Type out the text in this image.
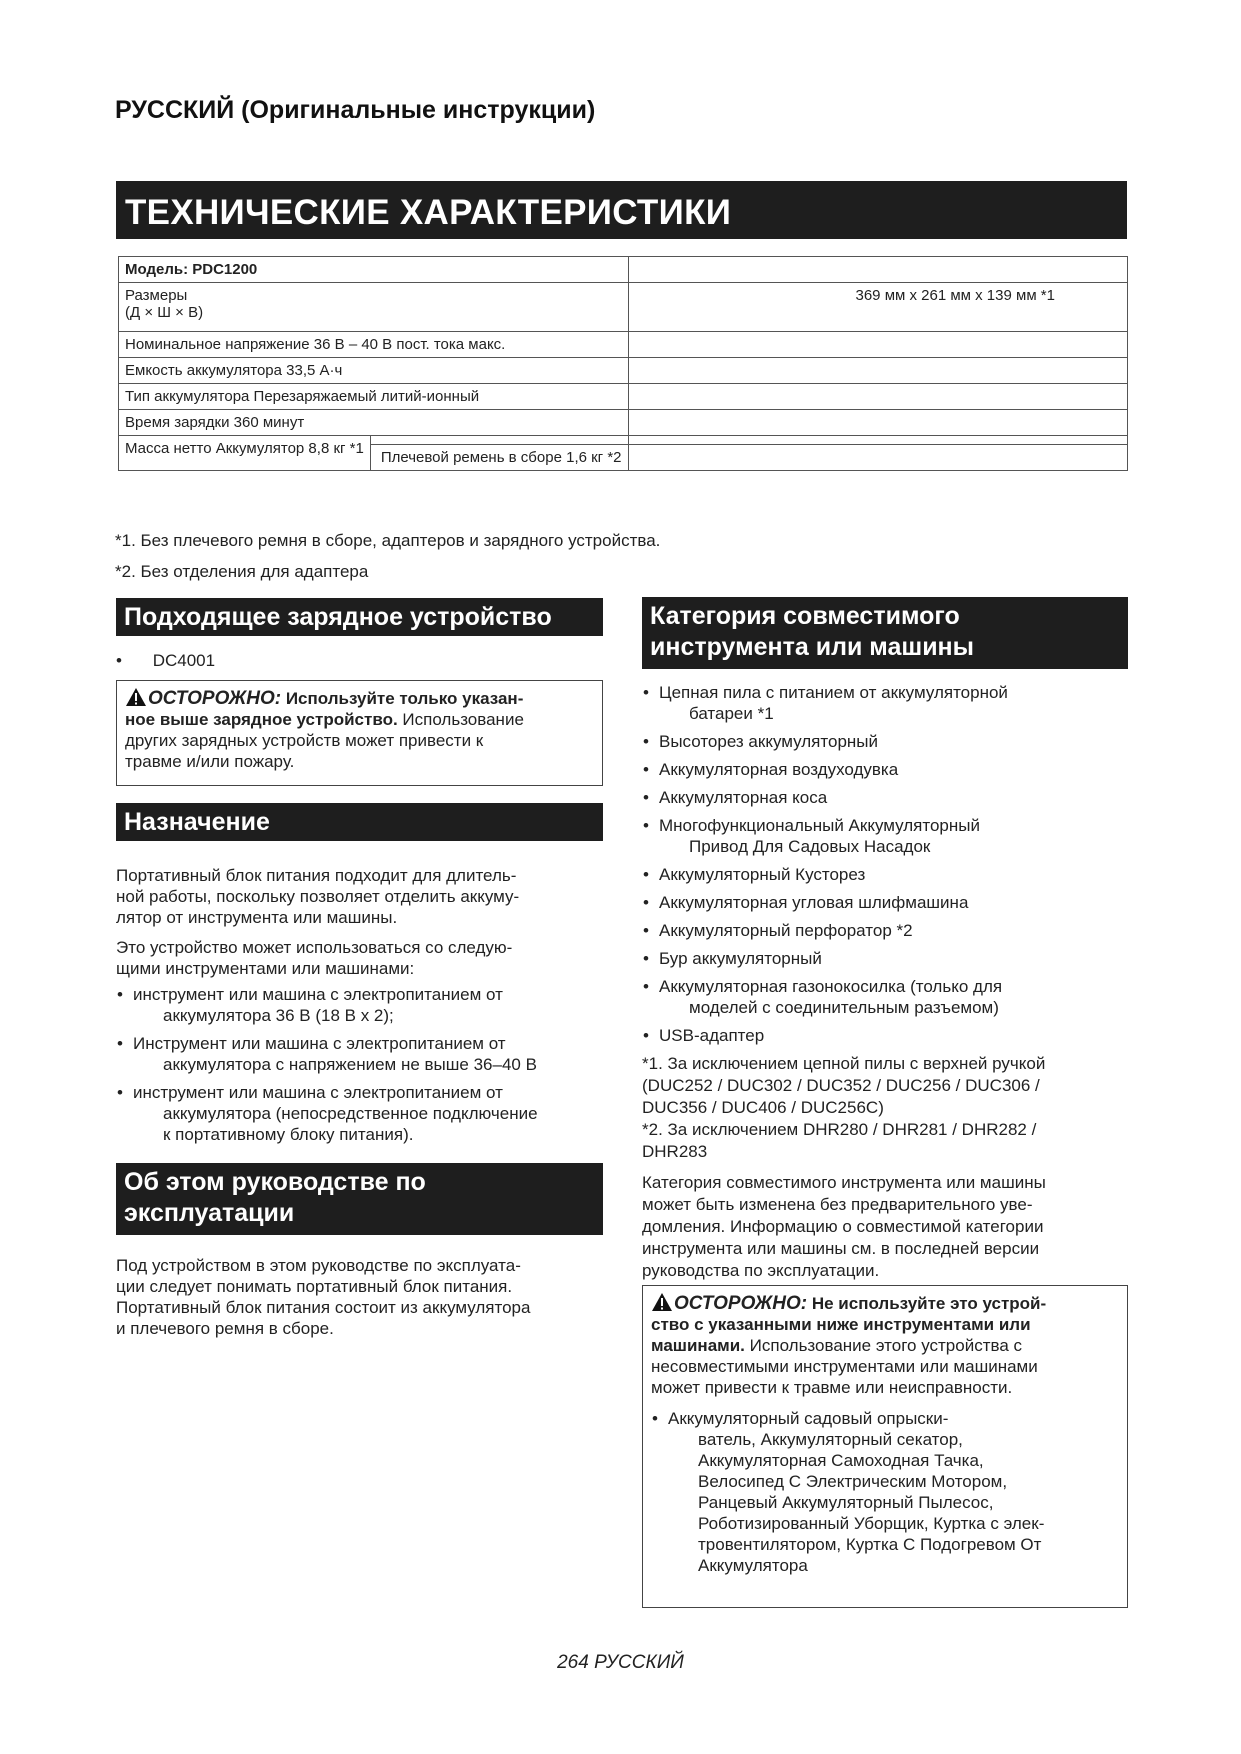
РУССКИЙ (Оригинальные инструкции)
ТЕХНИЧЕСКИЕ ХАРАКТЕРИСТИКИ
Модель: PDC1200		

Размеры
(Д × Ш × В)		369 мм x 261 мм x 139 мм *1

Номинальное напряжение 36 В – 40 В пост. тока макс.		

Емкость аккумулятора 33,5 А·ч		

Тип аккумулятора Перезаряжаемый литий-ионный		

Время зарядки 360 минут		

Масса нетто Аккумулятор 8,8 кг *1		

	Плечевой ремень в сборе 1,6 кг *2	

*1. Без плечевого ремня в сборе, адаптеров и зарядного устройства.
*2. Без отделения для адаптера
Подходящее зарядное устройство
• DC4001
ОСТОРОЖНО: Используйте только указан-
ное выше зарядное устройство. Использование
других зарядных устройств может привести к
травме и/или пожару.
Назначение
Портативный блок питания подходит для длитель-
ной работы, поскольку позволяет отделить аккуму-
лятор от инструмента или машины.
Это устройство может использоваться со следую-
щими инструментами или машинами:
• инструмент или машина с электропитанием от
аккумулятора 36 В (18 В x 2);
• Инструмент или машина с электропитанием от
аккумулятора с напряжением не выше 36–40 В
• инструмент или машина с электропитанием от
аккумулятора (непосредственное подключение
к портативному блоку питания).
Об этом руководстве по
эксплуатации
Под устройством в этом руководстве по эксплуата-
ции следует понимать портативный блок питания.
Портативный блок питания состоит из аккумулятора
и плечевого ремня в сборе.
Категория совместимого
инструмента или машины
• Цепная пила с питанием от аккумуляторной
батареи *1
• Высоторез аккумуляторный
• Аккумуляторная воздуходувка
• Аккумуляторная коса
• Многофункциональный Аккумуляторный
Привод Для Садовых Насадок
• Аккумуляторный Кусторез
• Аккумуляторная угловая шлифмашина
• Аккумуляторный перфоратор *2
• Бур аккумуляторный
• Аккумуляторная газонокосилка (только для
моделей с соединительным разъемом)
• USB-адаптер
*1. За исключением цепной пилы с верхней ручкой
(DUC252 / DUC302 / DUC352 / DUC256 / DUC306 /
DUC356 / DUC406 / DUC256C)
*2. За исключением DHR280 / DHR281 / DHR282 /
DHR283
Категория совместимого инструмента или машины
может быть изменена без предварительного уве-
домления. Информацию о совместимой категории
инструмента или машины см. в последней версии
руководства по эксплуатации.
ОСТОРОЖНО: Не используйте это устрой-
ство с указанными ниже инструментами или
машинами. Использование этого устройства с
несовместимыми инструментами или машинами
может привести к травме или неисправности.
• Аккумуляторный садовый опрыски-
ватель, Аккумуляторный секатор,
Аккумуляторная Самоходная Тачка,
Велосипед С Электрическим Мотором,
Ранцевый Аккумуляторный Пылесос,
Роботизированный Уборщик, Куртка с элек-
тровентилятором, Куртка С Подогревом От
Аккумулятора
264 РУССКИЙ
